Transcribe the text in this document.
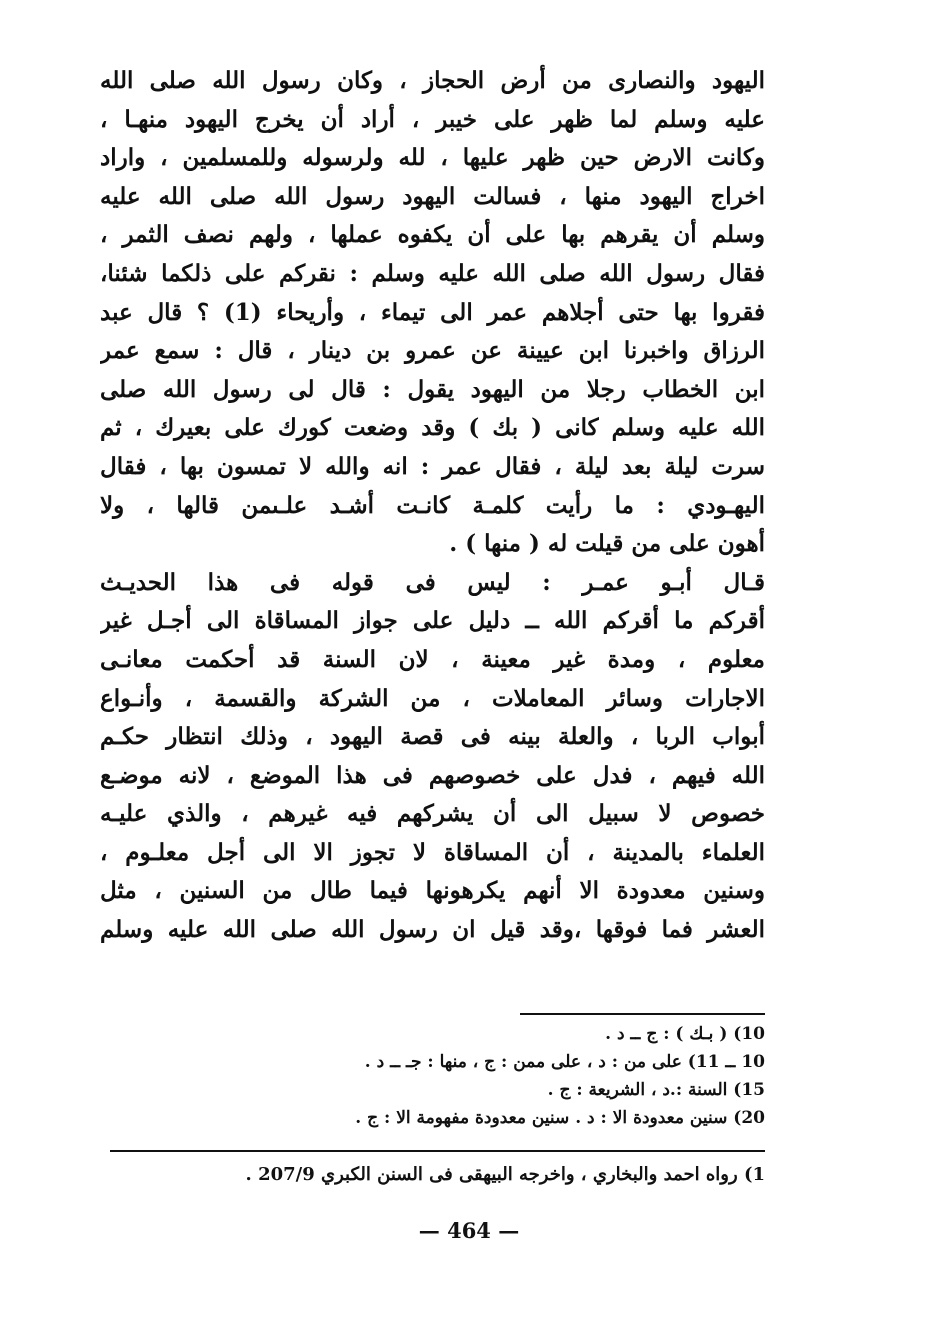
اليهود والنصارى من أرض الحجاز ، وكان رسول الله صلى الله
عليه وسلم لما ظهر على خيبر ، أراد أن يخرج اليهود منهـا ،
وكانت الارض حين ظهر عليها ، لله ولرسوله وللمسلمين ، واراد
اخراج اليهود منها ، فسالت اليهود رسول الله صلى الله عليه
وسلم أن يقرهم بها على أن يكفوه عملها ، ولهم نصف الثمر ،
فقال رسول الله صلى الله عليه وسلم : نقركم على ذلكما شئنا،
فقروا بها حتى أجلاهم عمر الى تيماء ، وأريحاء (1) ؟ قال عبد
الرزاق واخبرنا ابن عيينة عن عمرو بن دينار ، قال : سمع عمر
ابن الخطاب رجلا من اليهود يقول : قال لى رسول الله صلى
الله عليه وسلم كانى ( بك ) وقد وضعت كورك على بعيرك ، ثم
سرت ليلة بعد ليلة ، فقال عمر : انه والله لا تمسون بها ، فقال
اليهـودي : ما رأيت كلمـة كانـت أشـد علـىمن قالها ، ولا
أهون على من قيلت له ( منها ) .
قـال أبـو عمـر : ليس فى قوله فى هذا الحديـث
أقركم ما أقركم الله ــ دليل على جواز المساقاة الى أجـل غير
معلوم ، ومدة غير معينة ، لان السنة قد أحكمت معانـى
الاجارات وسائر المعاملات ، من الشركة والقسمة ، وأنـواع
أبواب الربا ، والعلة بينه فى قصة اليهود ، وذلك انتظار حكـم
الله فيهم ، فدل على خصوصهم فى هذا الموضع ، لانه موضـع
خصوص لا سبيل الى أن يشركهم فيه غيرهم ، والذي عليـه
العلماء بالمدينة ، أن المساقاة لا تجوز الا الى أجل معلـوم ،
وسنين معدودة الا أنهم يكرهونها فيما طال من السنين ، مثل
العشر فما فوقها ،وقد قيل ان رسول الله صلى الله عليه وسلم
10) ( بـك ) : ج ــ د .
10 ــ 11) على من : د ، على ممن : ج ، منها : جـ ــ د .
15) السنة :.د ، الشريعة : ج .
20) سنين معدودة الا : د . سنين معدودة مفهومة الا : ج .
1) رواه احمد والبخاري ، واخرجه البيهقى فى السنن الكبري 207/9 .
— 464 —
